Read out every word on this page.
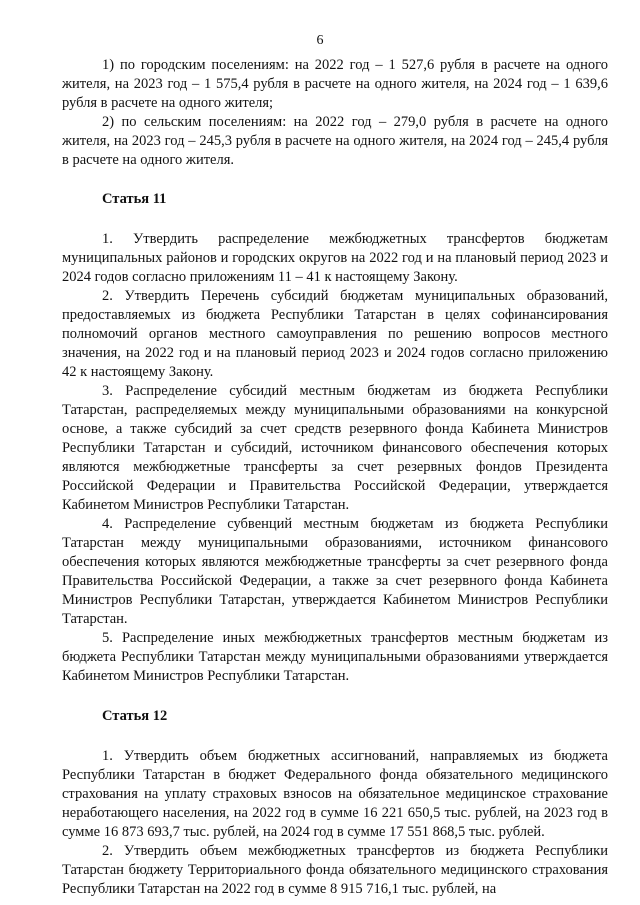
6

1) по городским поселениям: на 2022 год – 1 527,6 рубля в расчете на одного жителя, на 2023 год – 1 575,4 рубля в расчете на одного жителя, на 2024 год – 1 639,6 рубля в расчете на одного жителя;

2) по сельским поселениям: на 2022 год – 279,0 рубля в расчете на одного жителя, на 2023 год – 245,3 рубля в расчете на одного жителя, на 2024 год – 245,4 рубля в расчете на одного жителя.

Статья 11

1. Утвердить распределение межбюджетных трансфертов бюджетам муниципальных районов и городских округов на 2022 год и на плановый период 2023 и 2024 годов согласно приложениям 11 – 41 к настоящему Закону.

2. Утвердить Перечень субсидий бюджетам муниципальных образований, предоставляемых из бюджета Республики Татарстан в целях софинансирования полномочий органов местного самоуправления по решению вопросов местного значения, на 2022 год и на плановый период 2023 и 2024 годов согласно приложению 42 к настоящему Закону.

3. Распределение субсидий местным бюджетам из бюджета Республики Татарстан, распределяемых между муниципальными образованиями на конкурсной основе, а также субсидий за счет средств резервного фонда Кабинета Министров Республики Татарстан и субсидий, источником финансового обеспечения которых являются межбюджетные трансферты за счет резервных фондов Президента Российской Федерации и Правительства Российской Федерации, утверждается Кабинетом Министров Республики Татарстан.

4. Распределение субвенций местным бюджетам из бюджета Республики Татарстан между муниципальными образованиями, источником финансового обеспечения которых являются межбюджетные трансферты за счет резервного фонда Правительства Российской Федерации, а также за счет резервного фонда Кабинета Министров Республики Татарстан, утверждается Кабинетом Министров Республики Татарстан.

5. Распределение иных межбюджетных трансфертов местным бюджетам из бюджета Республики Татарстан между муниципальными образованиями утверждается Кабинетом Министров Республики Татарстан.

Статья 12

1. Утвердить объем бюджетных ассигнований, направляемых из бюджета Республики Татарстан в бюджет Федерального фонда обязательного медицинского страхования на уплату страховых взносов на обязательное медицинское страхование неработающего населения, на 2022 год в сумме 16 221 650,5 тыс. рублей, на 2023 год в сумме 16 873 693,7 тыс. рублей, на 2024 год в сумме 17 551 868,5 тыс. рублей.

2. Утвердить объем межбюджетных трансфертов из бюджета Республики Татарстан бюджету Территориального фонда обязательного медицинского страхования Республики Татарстан на 2022 год в сумме 8 915 716,1 тыс. рублей, на
